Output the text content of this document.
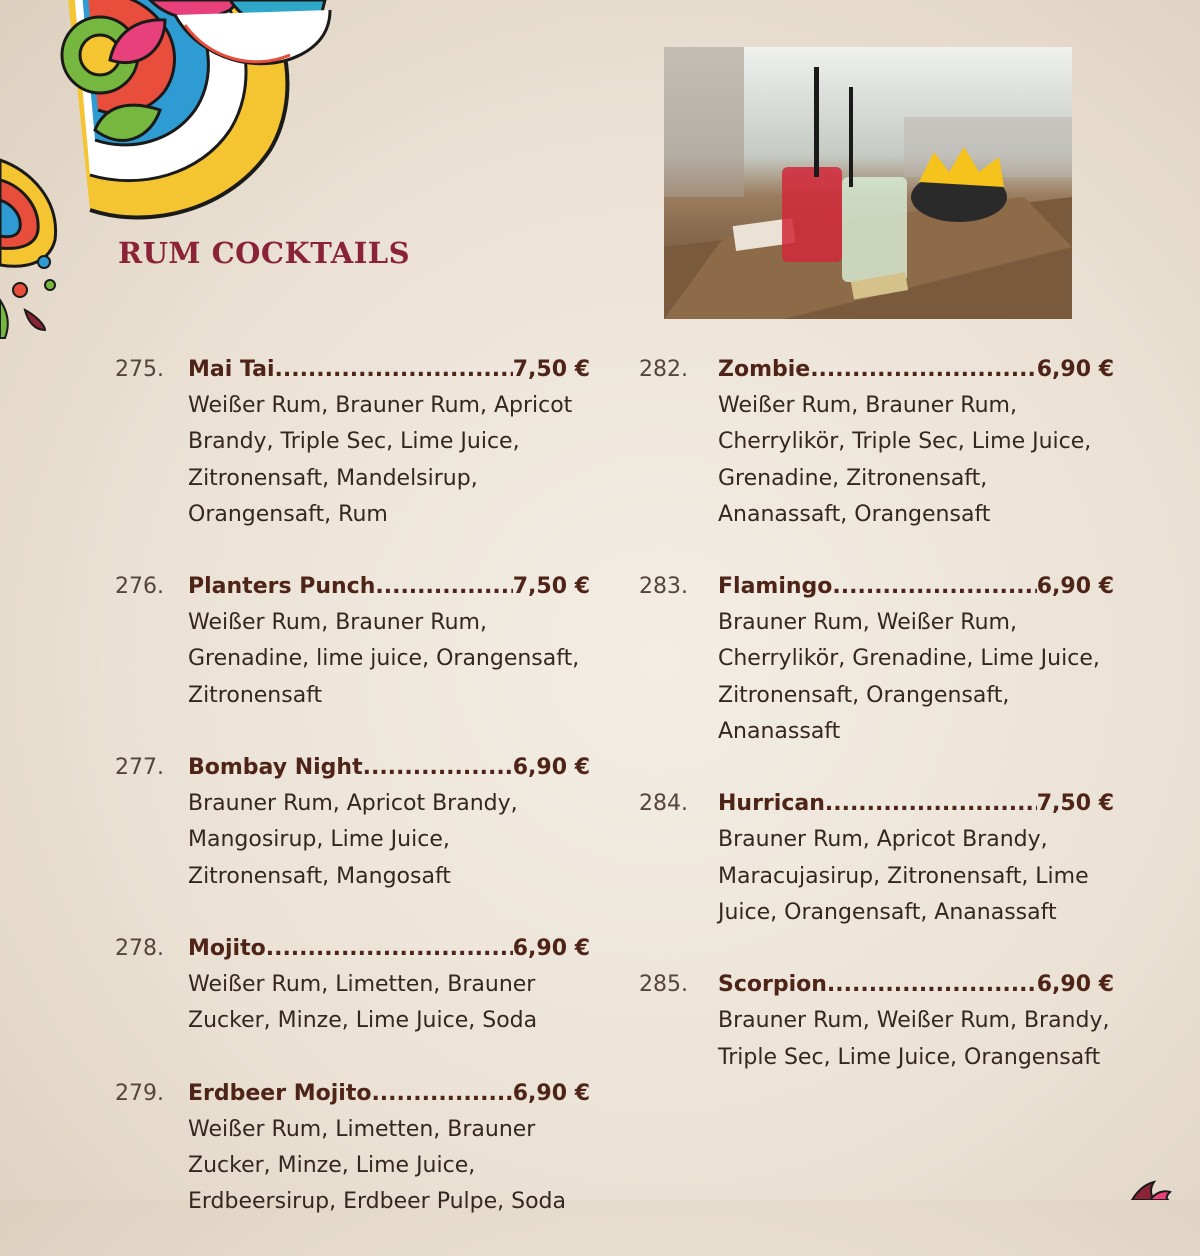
RUM COCKTAILS
275. Mai Tai .....	7,50 €

Weißer Rum, Brauner Rum, Apricot Brandy, Triple Sec, Lime Juice, Zitronensaft, Mandelsirup, Orangensaft, Rum

276. Planters Punch .....	7,50 €

Weißer Rum, Brauner Rum, Grenadine, lime juice, Orangensaft, Zitronensaft

277. Bombay Night .....	6,90 €

Brauner Rum, Apricot Brandy, Mangosirup, Lime Juice, Zitronensaft, Mangosaft

278. Mojito .....	6,90 €

Weißer Rum, Limetten, Brauner Zucker, Minze, Lime Juice, Soda

279. Erdbeer Mojito .....	6,90 €

Weißer Rum, Limetten, Brauner Zucker, Minze, Lime Juice, Erdbeersirup, Erdbeer Pulpe, Soda

282. Zombie .....	6,90 €

Weißer Rum, Brauner Rum, Cherrylikör, Triple Sec, Lime Juice, Grenadine, Zitronensaft, Ananassaft, Orangensaft

283. Flamingo .....	6,90 €

Brauner Rum, Weißer Rum, Cherrylikör, Grenadine, Lime Juice, Zitronensaft, Orangensaft, Ananassaft

284. Hurrican .....	7,50 €

Brauner Rum, Apricot Brandy, Maracujasirup, Zitronensaft, Lime Juice, Orangensaft, Ananassaft

285. Scorpion .....	6,90 €

Brauner Rum, Weißer Rum, Brandy, Triple Sec, Lime Juice, Orangensaft
